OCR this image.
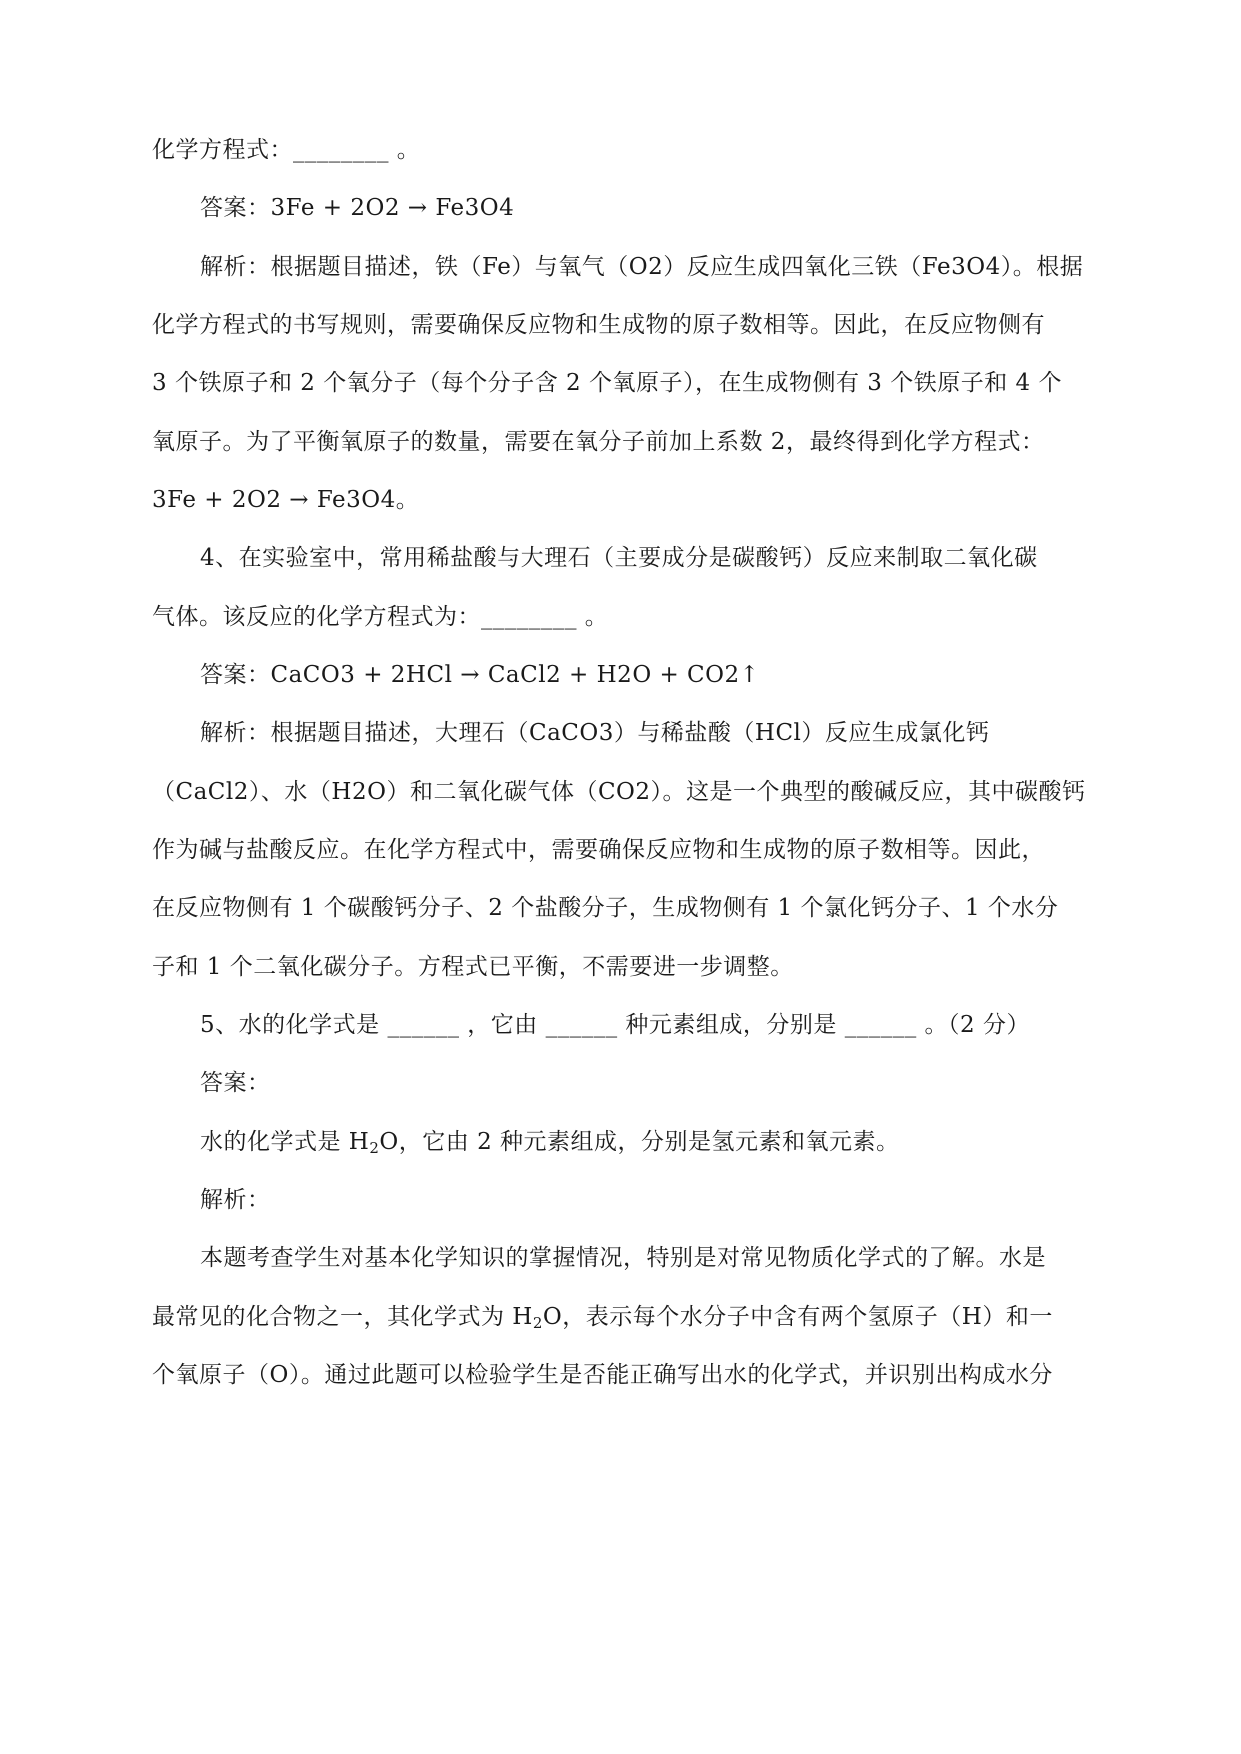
化学方程式：________ 。
答案：3Fe + 2O2 → Fe3O4
解析：根据题目描述，铁（Fe）与氧气（O2）反应生成四氧化三铁（Fe3O4）。根据
化学方程式的书写规则，需要确保反应物和生成物的原子数相等。因此，在反应物侧有
3 个铁原子和 2 个氧分子（每个分子含 2 个氧原子），在生成物侧有 3 个铁原子和 4 个
氧原子。为了平衡氧原子的数量，需要在氧分子前加上系数 2，最终得到化学方程式：
3Fe + 2O2 → Fe3O4。
4、在实验室中，常用稀盐酸与大理石（主要成分是碳酸钙）反应来制取二氧化碳
气体。该反应的化学方程式为：________ 。
答案：CaCO3 + 2HCl → CaCl2 + H2O + CO2↑
解析：根据题目描述，大理石（CaCO3）与稀盐酸（HCl）反应生成氯化钙
（CaCl2）、水（H2O）和二氧化碳气体（CO2）。这是一个典型的酸碱反应，其中碳酸钙
作为碱与盐酸反应。在化学方程式中，需要确保反应物和生成物的原子数相等。因此，
在反应物侧有 1 个碳酸钙分子、2 个盐酸分子，生成物侧有 1 个氯化钙分子、1 个水分
子和 1 个二氧化碳分子。方程式已平衡，不需要进一步调整。
5、水的化学式是 ______ ，它由 ______ 种元素组成，分别是 ______ 。（2 分）
答案：
水的化学式是 $H_2O$，它由 2 种元素组成，分别是氢元素和氧元素。
解析：
本题考查学生对基本化学知识的掌握情况，特别是对常见物质化学式的了解。水是
最常见的化合物之一，其化学式为 $H_2O$，表示每个水分子中含有两个氢原子（H）和一
个氧原子（O）。通过此题可以检验学生是否能正确写出水的化学式，并识别出构成水分
